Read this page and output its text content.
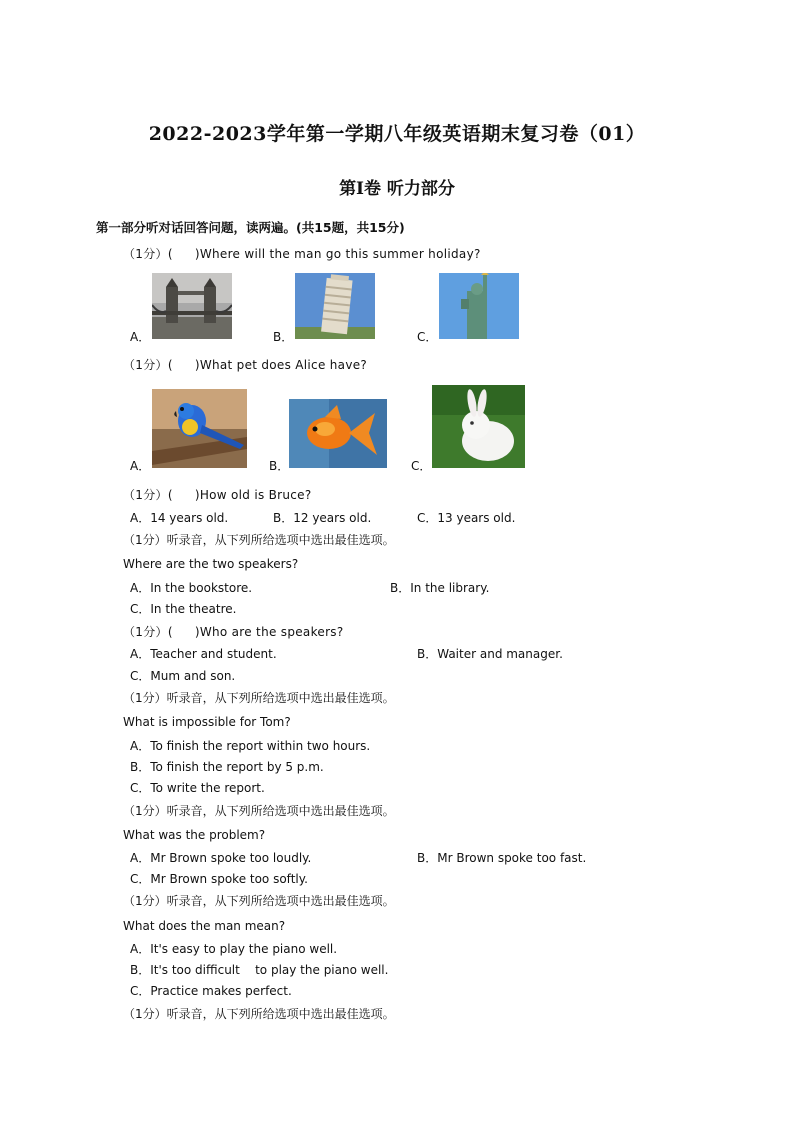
2022-2023学年第一学期八年级英语期末复习卷（01）
第Ⅰ卷 听力部分
第一部分听对话回答问题，读两遍。(共15题，共15分)
（1分）( )Where will the man go this summer holiday?
A．	B．	C．
（1分）( )What pet does Alice have?
A．	B．	C．
（1分）( )How old is Bruce?
A．14 years old.	B．12 years old.	C．13 years old.
（1分）听录音，从下列所给选项中选出最佳选项。
Where are the two speakers?
A．In the bookstore.	B．In the library.
C．In the theatre.
（1分）( )Who are the speakers?
A．Teacher and student.	B．Waiter and manager.
C．Mum and son.
（1分）听录音，从下列所给选项中选出最佳选项。
What is impossible for Tom?
A．To finish the report within two hours.
B．To finish the report by 5 p.m.
C．To write the report.
（1分）听录音，从下列所给选项中选出最佳选项。
What was the problem?
A．Mr Brown spoke too loudly.	B．Mr Brown spoke too fast.
C．Mr Brown spoke too softly.
（1分）听录音，从下列所给选项中选出最佳选项。
What does the man mean?
A．It's easy to play the piano well.
B．It's too difficult    to play the piano well.
C．Practice makes perfect.
（1分）听录音，从下列所给选项中选出最佳选项。
